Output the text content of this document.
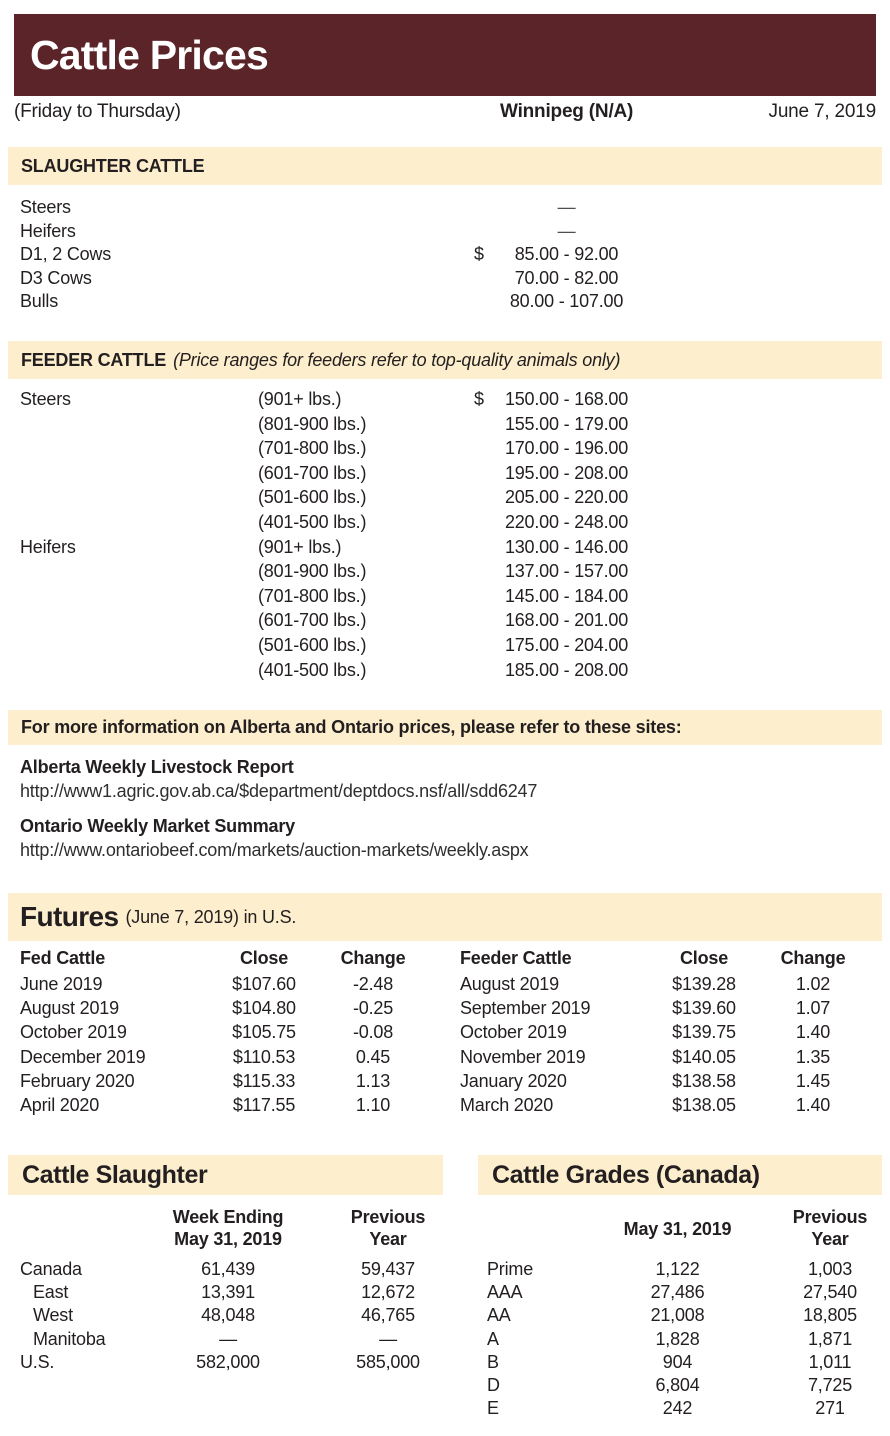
Cattle Prices
(Friday to Thursday)	Winnipeg (N/A)	June 7, 2019
SLAUGHTER CATTLE
Steers	—
Heifers	—
D1, 2 Cows	$	85.00 - 92.00
D3 Cows	70.00 - 82.00
Bulls	80.00 - 107.00
FEEDER CATTLE (Price ranges for feeders refer to top-quality animals only)
Steers	(901+ lbs.)	$ 150.00 - 168.00
(801-900 lbs.)	155.00 - 179.00
(701-800 lbs.)	170.00 - 196.00
(601-700 lbs.)	195.00 - 208.00
(501-600 lbs.)	205.00 - 220.00
(401-500 lbs.)	220.00 - 248.00
Heifers	(901+ lbs.)	130.00 - 146.00
(801-900 lbs.)	137.00 - 157.00
(701-800 lbs.)	145.00 - 184.00
(601-700 lbs.)	168.00 - 201.00
(501-600 lbs.)	175.00 - 204.00
(401-500 lbs.)	185.00 - 208.00
For more information on Alberta and Ontario prices, please refer to these sites:
Alberta Weekly Livestock Report
http://www1.agric.gov.ab.ca/$department/deptdocs.nsf/all/sdd6247
Ontario Weekly Market Summary
http://www.ontariobeef.com/markets/auction-markets/weekly.aspx
Futures (June 7, 2019) in U.S.
Fed Cattle	Close	Change
June 2019	$107.60	-2.48
August 2019	$104.80	-0.25
October 2019	$105.75	-0.08
December 2019	$110.53	0.45
February 2020	$115.33	1.13
April 2020	$117.55	1.10
Feeder Cattle	Close	Change
August 2019	$139.28	1.02
September 2019	$139.60	1.07
October 2019	$139.75	1.40
November 2019	$140.05	1.35
January 2020	$138.58	1.45
March 2020	$138.05	1.40
Cattle Slaughter
Week Ending
May 31, 2019
Previous
Year
Canada	61,439	59,437
East	13,391	12,672
West	48,048	46,765
Manitoba	—	—
U.S.	582,000	585,000
Cattle Grades (Canada)
May 31, 2019
Previous
Year
Prime	1,122	1,003
AAA	27,486	27,540
AA	21,008	18,805
A	1,828	1,871
B	904	1,011
D	6,804	7,725
E	242	271
